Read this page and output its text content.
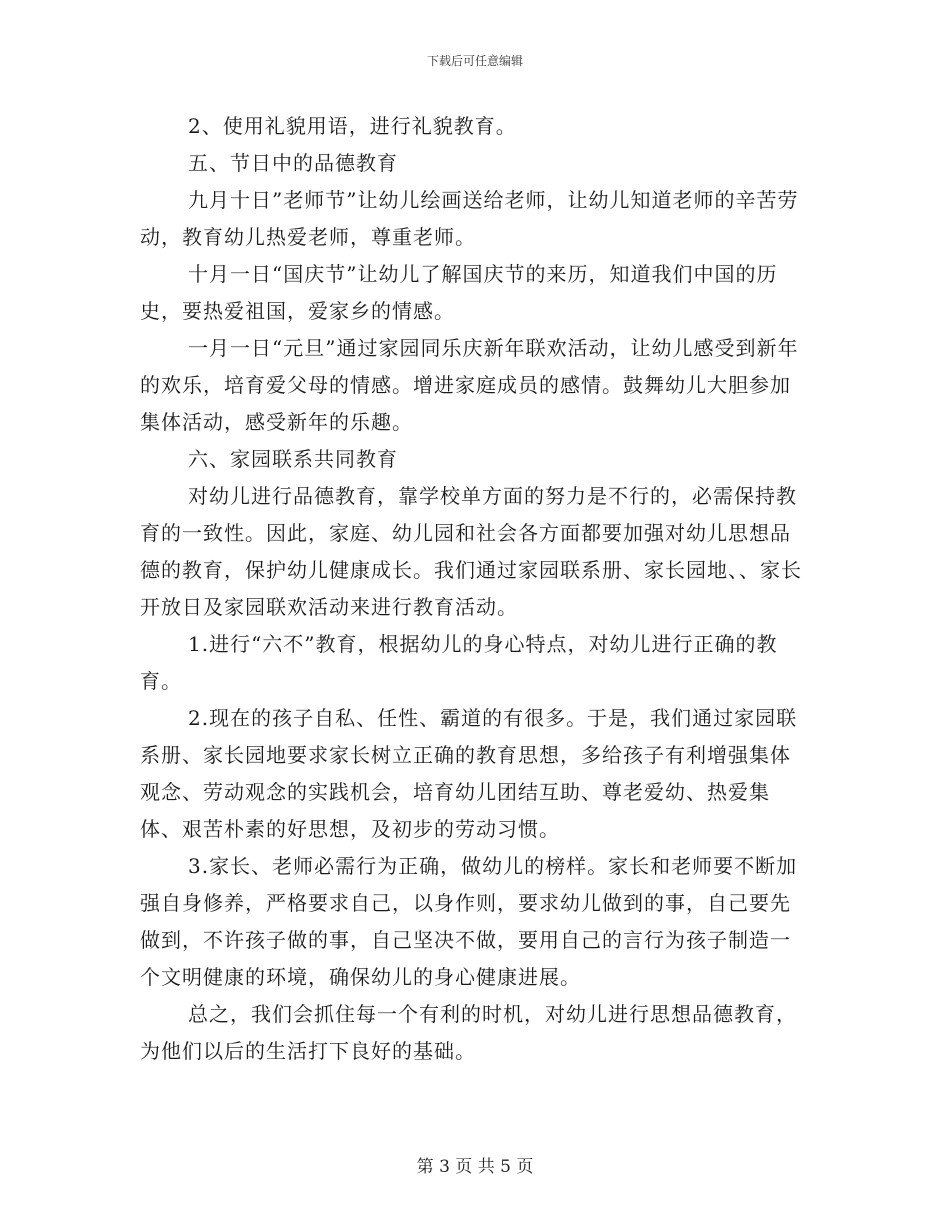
下载后可任意编辑

2、使用礼貌用语，进行礼貌教育。

五、节日中的品德教育

九月十日”老师节”让幼儿绘画送给老师，让幼儿知道老师的辛苦劳动，教育幼儿热爱老师，尊重老师。

十月一日“国庆节”让幼儿了解国庆节的来历，知道我们中国的历史，要热爱祖国，爱家乡的情感。

一月一日“元旦”通过家园同乐庆新年联欢活动，让幼儿感受到新年的欢乐，培育爱父母的情感。增进家庭成员的感情。鼓舞幼儿大胆参加集体活动，感受新年的乐趣。

六、家园联系共同教育

对幼儿进行品德教育，靠学校单方面的努力是不行的，必需保持教育的一致性。因此，家庭、幼儿园和社会各方面都要加强对幼儿思想品德的教育，保护幼儿健康成长。我们通过家园联系册、家长园地、、家长开放日及家园联欢活动来进行教育活动。

1.进行“六不”教育，根据幼儿的身心特点，对幼儿进行正确的教育。

2.现在的孩子自私、任性、霸道的有很多。于是，我们通过家园联系册、家长园地要求家长树立正确的教育思想，多给孩子有利增强集体观念、劳动观念的实践机会，培育幼儿团结互助、尊老爱幼、热爱集体、艰苦朴素的好思想，及初步的劳动习惯。

3.家长、老师必需行为正确，做幼儿的榜样。家长和老师要不断加强自身修养，严格要求自己，以身作则，要求幼儿做到的事，自己要先做到，不许孩子做的事，自己坚决不做，要用自己的言行为孩子制造一个文明健康的环境，确保幼儿的身心健康进展。

总之，我们会抓住每一个有利的时机，对幼儿进行思想品德教育，为他们以后的生活打下良好的基础。

第 3 页 共 5 页
